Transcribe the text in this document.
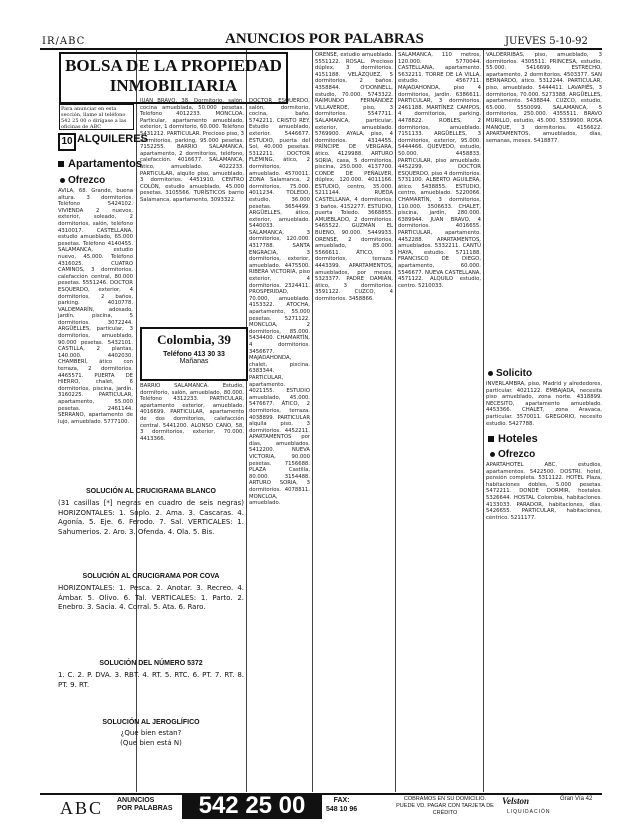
IR/ABC	ANUNCIOS POR PALABRAS	JUEVES 5-10-92
BOLSA DE LA PROPIEDAD
INMOBILIARIA
Para anunciar en esta sección, llame al teléfono 542 25 00 o dirígase a las oficinas de ABC
10 ALQUILERES
Apartamentos
Ofrezco
ÁVILA, 68. Grande, buena altura. 3 dormitorios. Teléfono 5424102. VIVIENDA 2 nuevos, exterior, soleado, 2 dormitorios, salón, teléfono 4310017. CASTELLANA, estudio amueblado, 65.000 pesetas. Teléfono 4140455. SALAMANCA, estudio nuevo, 45.000. Teléfono 4316025. CUATRO CAMINOS, 3 dormitorios, calefacción central, 80.000 pesetas. 5551246. DOCTOR ESQUERDO, exterior, 4 dormitorios, 2 baños, parking. 4010778. VALDEMARÍN, adosado, jardín, piscina, 5 dormitorios. 3072244. ARGÜELLES, particular, 3 dormitorios, amueblado, 90.000 pesetas. 5432101. CASTILLA, 2 plantas, 140.000. 4402030. CHAMBERÍ, ático con terraza, 2 dormitorios. 4465571. PUERTA DE HIERRO, chalet, 6 dormitorios, piscina, jardín. 3160225. PARTICULAR, apartamento, 55.000 pesetas. 2461144. SERRANO, apartamento de lujo, amueblado. 5777100.
JUAN BRAVO, 38. Dormitorio, salón, cocina amueblada, 50.000 pesetas. Teléfono 4012233. MONCLOA. Particular, apartamento amueblado, exterior, 1 dormitorio, 60.000. Teléfono 5431212. PARTICULAR. Precioso piso, 3 dormitorios, parking, 95.000 pesetas. 7152255. BARRIO SALAMANCA, apartamento, 2 dormitorios, teléfono, calefacción. 4016677. SALAMANCA, ático, amueblado. 4022233. PARTICULAR, alquilo piso, amueblado, 3 dormitorios. 4451910. CENTRO COLÓN, estudio amueblado, 45.000 pesetas. 3105566. TURÍSTICOS barrio Salamanca, apartamento, 3093322.
Colombia, 39
Teléfono 413 30 33
Mañanas
BARRIO SALAMANCA. Estudio, dormitorio, salón, amueblado, 80.000. Teléfono 4312233. PARTICULAR, apartamento exterior, amueblado. 4016699. PARTICULAR, apartamento de dos dormitorios, calefacción central. 5441200. ALONSO CANO, 58, 3 dormitorios, exterior, 70.000. 4413366.
SOLUCIÓN AL CRUCIGRAMA BLANCO
(31 casillas [*] negras en cuadro de seis negras) HORIZONTALES: 1. Soplo. 2. Ama. 3. Cascaras. 4. Agonía. 5. Eje. 6. Ferodo. 7. Sal. VERTICALES: 1. Sahumerios. 2. Aro. 3. Ofenda. 4. Ola. 5. Bis.
SOLUCIÓN AL CRUCIGRAMA POR COVA
HORIZONTALES: 1. Pesca. 2. Anotar. 3. Recreo. 4. Ámbar. 5. Olivo. 6. Tal. VERTICALES: 1. Parto. 2. Enebro. 3. Sacia. 4. Corral. 5. Ata. 6. Raro.
SOLUCIÓN DEL NÚMERO 5372
1. C. 2. P. DVA. 3. RBT. 4. RT. 5. RTC. 6. PT. 7. RT. 8. PT. 9. RT.
SOLUCIÓN AL JEROGLÍFICO
¿Que bien estan?
(Que bien está N)
DOCTOR ESQUERDO, salón, dormitorio, cocina, baño. 5742211. CRISTO REY. Estudio amueblado, exterior. 5446677. ESTUDIO, puerta del Sol, 40.000 pesetas. 5312211. DOCTOR FLEMING, ático, 2 dormitorios, amueblado. 4570011. ZONA Salamanca, 2 dormitorios, 75.000. 4011234. TOLEDO, estudio, 36.000 pesetas. 3654499. ARGÜELLES, ático, exterior, amueblado. 5440033. SALAMANCA, 3 dormitorios, 120.000. 4317788. SANTA ENGRACIA, 3 dormitorios, exterior, amueblado. 4475500. RIBERA VICTORIA, piso exterior, 4 dormitorios. 2324411. PROSPERIDAD, 70.000, amueblado. 4153322. ATOCHA, apartamento, 55.000 pesetas. 5271122. MONCLOA, 2 dormitorios, 85.000. 5434400. CHAMARTÍN, 4 dormitorios. 3456677. MAJADAHONDA, chalet, piscina. 6383344. PARTICULAR, apartamento. 4021155. ESTUDIO amueblado, 45.000. 5476677. ÁTICO, 2 dormitorios, terraza. 4038899. PARTICULAR alquila piso, 3 dormitorios. 4452211. APARTAMENTOS por días, amueblados. 5412200. NUEVA VICTORIA, 90.000 pesetas. 7156688. PLAZA Castilla, 80.000. 3154488. ARTURO SORIA, 3 dormitorios. 4078811. MONCLOA, amueblado.
ORENSE, estudio amueblado. 5551122. ROSAL. Precioso dúplex, 3 dormitorios. 4151188. VELÁZQUEZ, 5 dormitorios, 2 baños. 4358844. O'DONNELL, estudio, 70.000. 5743322. RAIMUNDO FERNÁNDEZ VILLAVERDE, piso, 3 dormitorios. 5547711. SALAMANCA, particular, exterior, amueblado. 5769900. AYALA, piso, 4 dormitorios. 4314455. PRÍNCIPE DE VERGARA, ático. 4129988. ARTURO SORIA, casa, 5 dormitorios, piscina, 250.000. 4137700. CONDE DE PEÑALVER, dúplex, 120.000. 4011166. ESTUDIO, centro, 35.000. 5211144. RUEDA CASTELLANA, 4 dormitorios, 3 baños. 4152277. ESTUDIO, puerta Toledo. 3668855. AMUEBLADO, 2 dormitorios. 5465522. GUZMÁN EL BUENO, 90.000. 5449933. ORENSE, 2 dormitorios, amueblado, 85.000. 5566611. ÁTICO, 3 dormitorios, terraza. 4443399. APARTAMENTOS, amueblados, por meses. 5323377. PADRE DAMIÁN, ático, 3 dormitorios. 3591122. CUZCO, 4 dormitorios. 3458866.
SALAMANCA, 110 metros, 120.000. 5770044. CASTELLANA, apartamento. 5632211. TORRE DE LA VILLA, estudio. 4567711. MAJADAHONDA, piso 4 dormitorios, jardín. 6386611. PARTICULAR, 3 dormitorios. 2461188. MARTÍNEZ CAMPOS, 4 dormitorios, parking. 4478822. ROBLES, 2 dormitorios, amueblado. 7151133. ARGÜELLES, 3 dormitorios, exterior, 95.000. 5444466. QUEVEDO, estudio, 50.000. 4458833. PARTICULAR, piso amueblado. 4452299. DOCTOR ESQUERDO, piso 4 dormitorios. 5731100. ALBERTO AGUILERA, ático. 5438855. ESTUDIO, centro, amueblado. 5220066. CHAMARTÍN, 3 dormitorios, 110.000. 3506633. CHALET, piscina, jardín, 280.000. 6389944. JUAN BRAVO, 4 dormitorios. 4016655. PARTICULAR, apartamento. 4452288. APARTAMENTOS, amueblados. 5332211. CANTÚ HAYA, estudio. 5711188. FRANCISCO DE DIEGO, apartamento, 60.000. 5546677. NUEVA CASTELLANA. 4571122. ALQUILO estudio, centro. 5210033.
VALDERRIBAS, piso, amueblado, 3 dormitorios. 4305511. PRINCESA, estudio, 55.000. 5416699. ESTRECHO, apartamento, 2 dormitorios. 4503377. SAN BERNARDO, ático. 5312244. PARTICULAR, piso, amueblado. 5444411. LAVAPIÉS, 3 dormitorios, 70.000. 5273388. ARGÜELLES, apartamento. 5438844. CUZCO, estudio, 65.000. 5550099. SALAMANCA, 5 dormitorios, 250.000. 4355511. BRAVO MURILLO, estudio, 45.000. 5339900. ROSA MANQUE, 3 dormitorios. 4156622. APARTAMENTOS, amueblados, días, semanas, meses. 5418877.
Solicito
INVERLAMBRA, piso, Madrid y alrededores, particular. 4021122. EMBAJADA, necesita piso amueblado, zona norte. 4318899. NECESITO, apartamento amueblado. 4453366. CHALET, zona Aravaca, particular. 3570011. GREGORIO, necesito estudio. 5427788.
Hoteles
Ofrezco
APARTAHOTEL ABC, estudios, apartamentos. 5422500. DOSTRI, hotel, pensión completa. 5311122. HOTEL Plaza, habitaciones dobles, 5.000 pesetas. 5472211. DONDE DORMIR, hostales. 5326644. HOSTAL Colombia, habitaciones. 4133033. PARADOR, habitaciones, días. 5426655. PARTICULAR, habitaciones, céntrico. 5211177.
ABC ANUNCIOS
POR PALABRAS	542 25 00	FAX:
548 10 96
COBRAMOS EN SU DOMICILIO. PUEDE VD. PAGAR CON TARJETA DE CRÉDITO
Velston	Gran Vía 42
LIQUIDACIÓN
